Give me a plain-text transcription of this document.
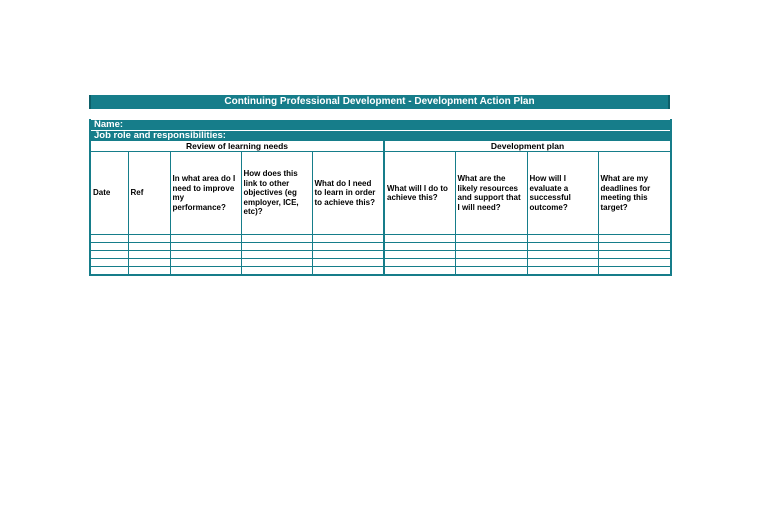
Continuing Professional Development - Development Action Plan
Name:								
Job role and responsibilities:								
Review of learning needs					Development plan			
Date	Ref	In what area do I need to improve my performance?	How does this link to other objectives (eg employer, ICE, etc)?	What do I need to learn in order to achieve this?	What will I do to achieve this?	What are the likely resources and support that I will need?	How will I evaluate a successful outcome?	What are my deadlines for meeting this target?
